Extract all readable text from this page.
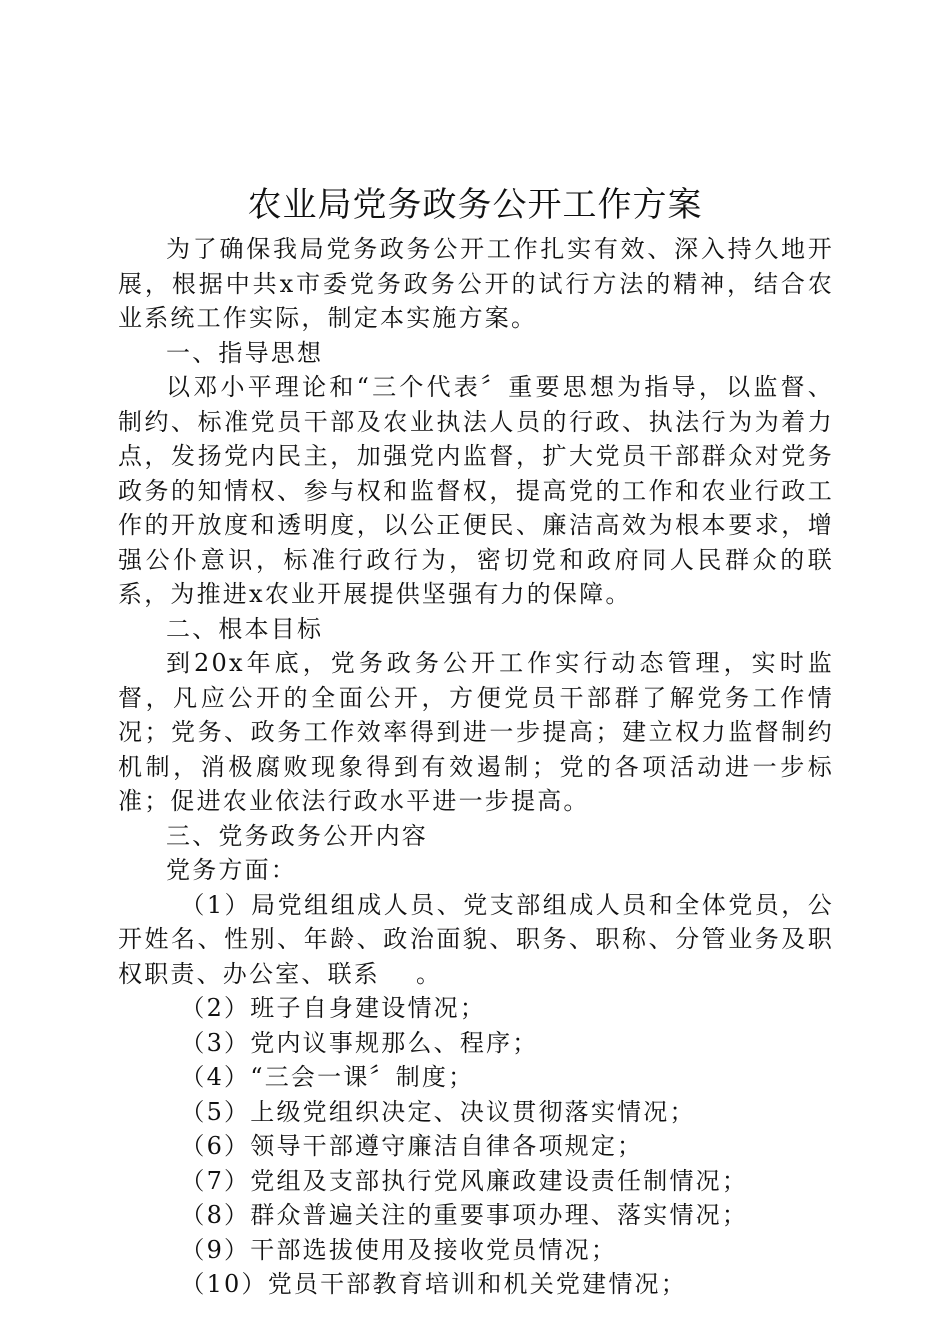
农业局党务政务公开工作方案

为了确保我局党务政务公开工作扎实有效、深入持久地开展，根据中共x市委党务政务公开的试行方法的精神，结合农业系统工作实际，制定本实施方案。

一、指导思想

以邓小平理论和“三个代表〞重要思想为指导，以监督、制约、标准党员干部及农业执法人员的行政、执法行为为着力点，发扬党内民主，加强党内监督，扩大党员干部群众对党务政务的知情权、参与权和监督权，提高党的工作和农业行政工作的开放度和透明度，以公正便民、廉洁高效为根本要求，增强公仆意识，标准行政行为，密切党和政府同人民群众的联系，为推进x农业开展提供坚强有力的保障。

二、根本目标

到20x年底，党务政务公开工作实行动态管理，实时监督，凡应公开的全面公开，方便党员干部群了解党务工作情况；党务、政务工作效率得到进一步提高；建立权力监督制约机制，消极腐败现象得到有效遏制；党的各项活动进一步标准；促进农业依法行政水平进一步提高。

三、党务政务公开内容

党务方面：

（1）局党组组成人员、党支部组成人员和全体党员，公开姓名、性别、年龄、政治面貌、职务、职称、分管业务及职权职责、办公室、联系 　。

（2）班子自身建设情况；

（3）党内议事规那么、程序；

（4）“三会一课〞制度；

（5）上级党组织决定、决议贯彻落实情况；

（6）领导干部遵守廉洁自律各项规定；

（7）党组及支部执行党风廉政建设责任制情况；

（8）群众普遍关注的重要事项办理、落实情况；

（9）干部选拔使用及接收党员情况；

（10）党员干部教育培训和机关党建情况；
